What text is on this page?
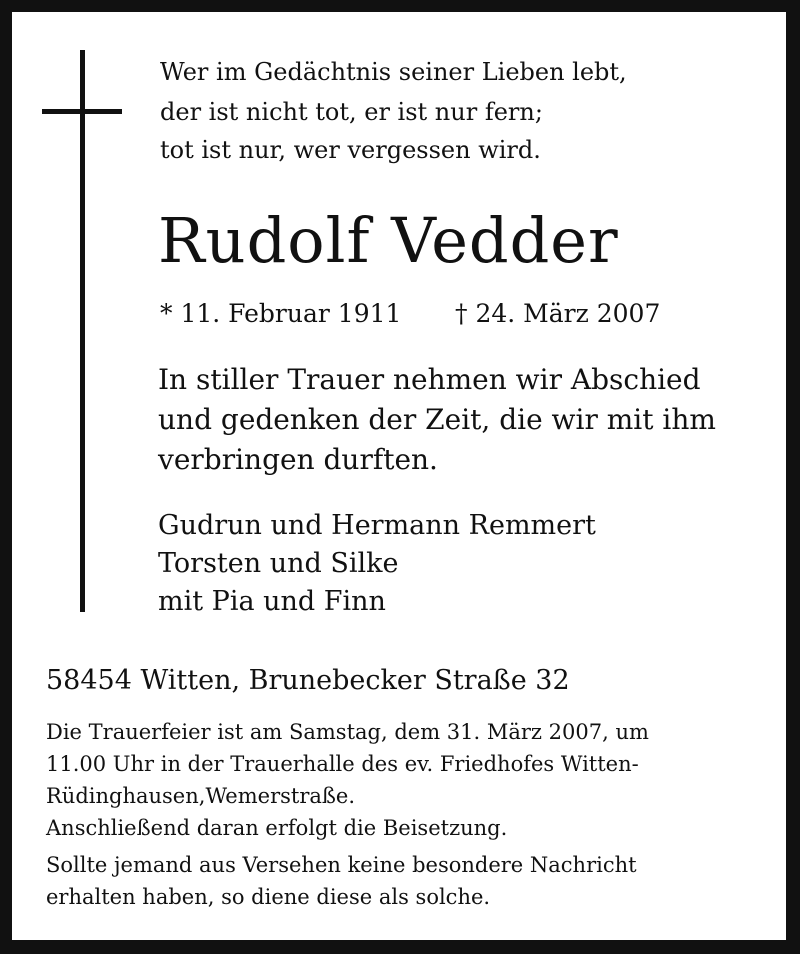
Wer im Gedächtnis seiner Lieben lebt,
der ist nicht tot, er ist nur fern;
tot ist nur, wer vergessen wird.
Rudolf Vedder
* 11. Februar 1911 † 24. März 2007
In stiller Trauer nehmen wir Abschied
und gedenken der Zeit, die wir mit ihm
verbringen durften.
Gudrun und Hermann Remmert
Torsten und Silke
mit Pia und Finn
58454 Witten, Brunebecker Straße 32
Die Trauerfeier ist am Samstag, dem 31. März 2007, um
11.00 Uhr in der Trauerhalle des ev. Friedhofes Witten-
Rüdinghausen,Wemerstraße.
Anschließend daran erfolgt die Beisetzung.
Sollte jemand aus Versehen keine besondere Nachricht
erhalten haben, so diene diese als solche.
